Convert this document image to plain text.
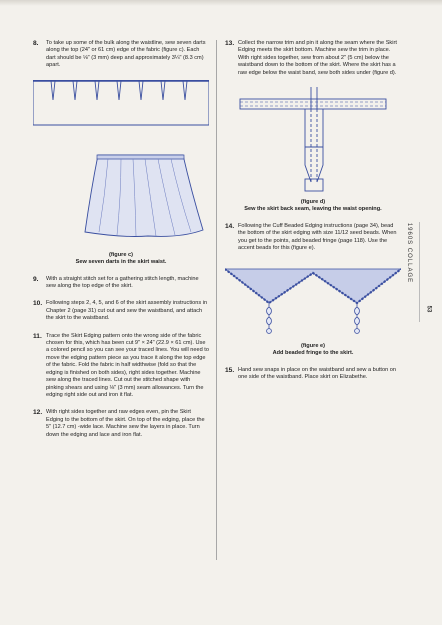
8. To take up some of the bulk along the waistline, sew seven darts along the top (24" or 61 cm) edge of the fabric (figure c). Each dart should be ⅛" (3 mm) deep and approximately 3¼" (8.3 cm) apart.
(figure c)
Sew seven darts in the skirt waist.
9. With a straight stitch set for a gathering stitch length, machine sew along the top edge of the skirt.
10. Following steps 2, 4, 5, and 6 of the skirt assembly instructions in Chapter 2 (page 31) cut out and sew the waistband, and attach the skirt to the waistband.
11. Trace the Skirt Edging pattern onto the wrong side of the fabric chosen for this, which has been cut 9" × 24" (22.9 × 61 cm). Use a colored pencil so you can see your traced lines. You will need to move the edging pattern piece as you trace it along the top edge of the fabric. Fold the fabric in half widthwise (fold so that the edging is finished on both sides), right sides together. Machine sew along the traced lines. Cut out the stitched shape with pinking shears and using ⅛" (3 mm) seam allowances. Turn the edging right side out and iron it flat.
12. With right sides together and raw edges even, pin the Skirt Edging to the bottom of the skirt. On top of the edging, place the 5" (12.7 cm) -wide lace. Machine sew the layers in place. Turn down the edging and lace and iron flat.
13. Collect the narrow trim and pin it along the seam where the Skirt Edging meets the skirt bottom. Machine sew the trim in place. With right sides together, sew from about 2" (5 cm) below the waistband down to the bottom of the skirt. Where the skirt has a raw edge below the waist band, sew both sides under (figure d).
(figure d)
Sew the skirt back seam, leaving the waist opening.
14. Following the Cuff Beaded Edging instructions (page 34), bead the bottom of the skirt edging with size 11/12 seed beads. When you get to the points, add beaded fringe (page 118). Use the accent beads for this (figure e).
(figure e)
Add beaded fringe to the skirt.
15. Hand sew snaps in place on the waistband and sew a button on one side of the waistband. Place skirt on Elizabethe.
1960S COLLAGE
53
